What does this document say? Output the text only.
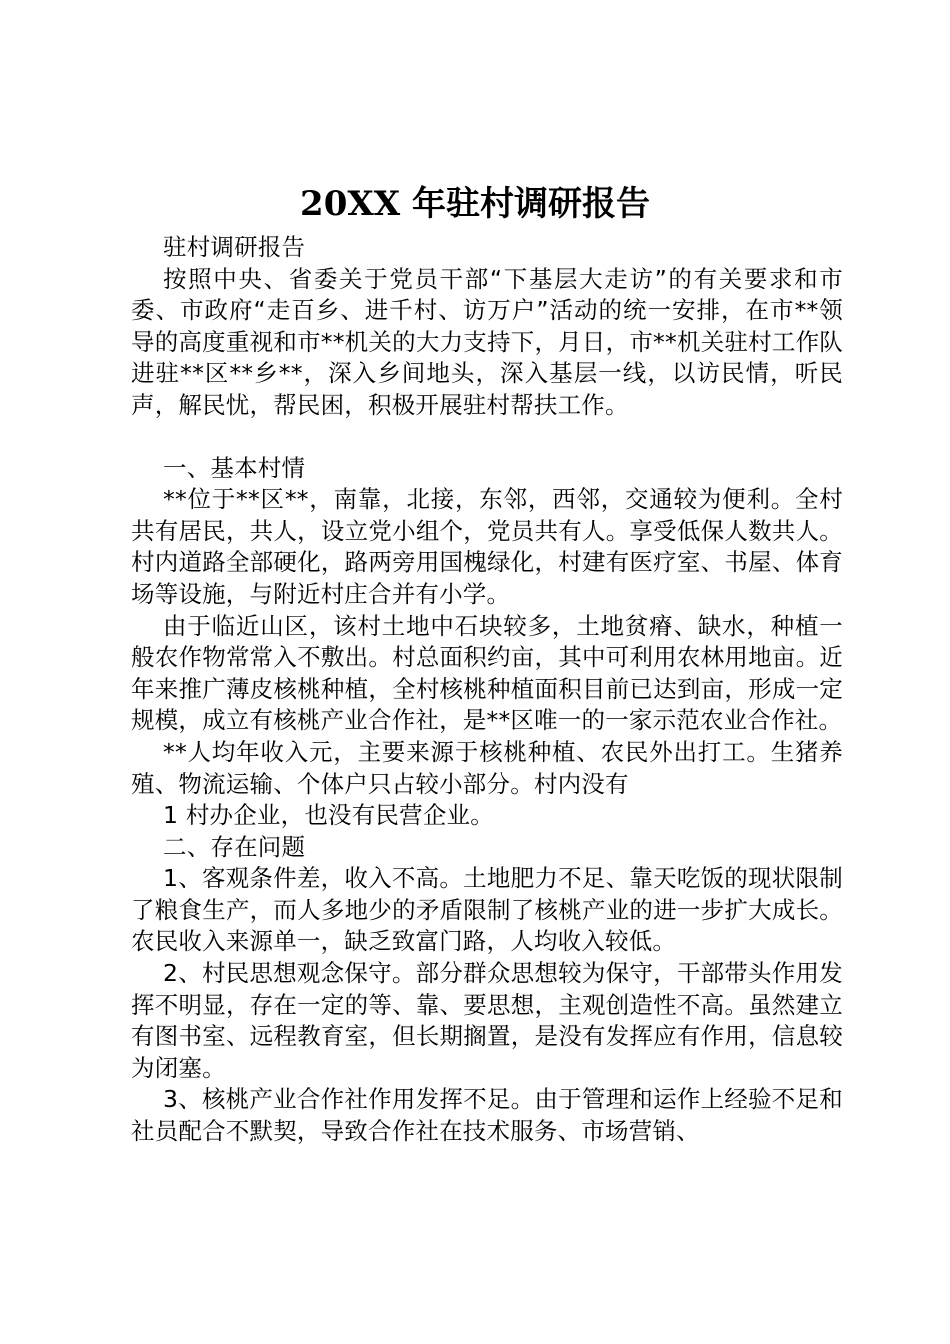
20XX 年驻村调研报告

驻村调研报告

按照中央、省委关于党员干部“下基层大走访”的有关要求和市委、市政府“走百乡、进千村、访万户”活动的统一安排，在市**领导的高度重视和市**机关的大力支持下，月日，市**机关驻村工作队进驻**区**乡**，深入乡间地头，深入基层一线，以访民情，听民声，解民忧，帮民困，积极开展驻村帮扶工作。

一、基本村情

**位于**区**，南靠，北接，东邻，西邻，交通较为便利。全村共有居民，共人，设立党小组个，党员共有人。享受低保人数共人。村内道路全部硬化，路两旁用国槐绿化，村建有医疗室、书屋、体育场等设施，与附近村庄合并有小学。

由于临近山区，该村土地中石块较多，土地贫瘠、缺水，种植一般农作物常常入不敷出。村总面积约亩，其中可利用农林用地亩。近年来推广薄皮核桃种植，全村核桃种植面积目前已达到亩，形成一定规模，成立有核桃产业合作社，是**区唯一的一家示范农业合作社。

**人均年收入元，主要来源于核桃种植、农民外出打工。生猪养殖、物流运输、个体户只占较小部分。村内没有

1 村办企业，也没有民营企业。

二、存在问题

1、客观条件差，收入不高。土地肥力不足、靠天吃饭的现状限制了粮食生产，而人多地少的矛盾限制了核桃产业的进一步扩大成长。农民收入来源单一，缺乏致富门路，人均收入较低。

2、村民思想观念保守。部分群众思想较为保守，干部带头作用发挥不明显，存在一定的等、靠、要思想，主观创造性不高。虽然建立有图书室、远程教育室，但长期搁置，是没有发挥应有作用，信息较为闭塞。

3、核桃产业合作社作用发挥不足。由于管理和运作上经验不足和社员配合不默契，导致合作社在技术服务、市场营销、
